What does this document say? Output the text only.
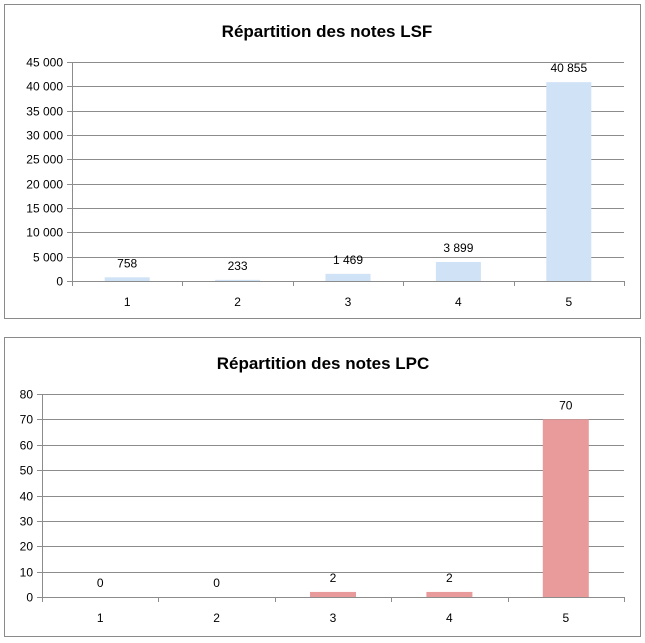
Répartition des notes LSF
0
5 000
10 000
15 000
20 000
25 000
30 000
35 000
40 000
45 000
758
1
233
2
1 469
3
3 899
4
40 855
5
Répartition des notes LPC
0
10
20
30
40
50
60
70
80
0
1
0
2
2
3
2
4
70
5
